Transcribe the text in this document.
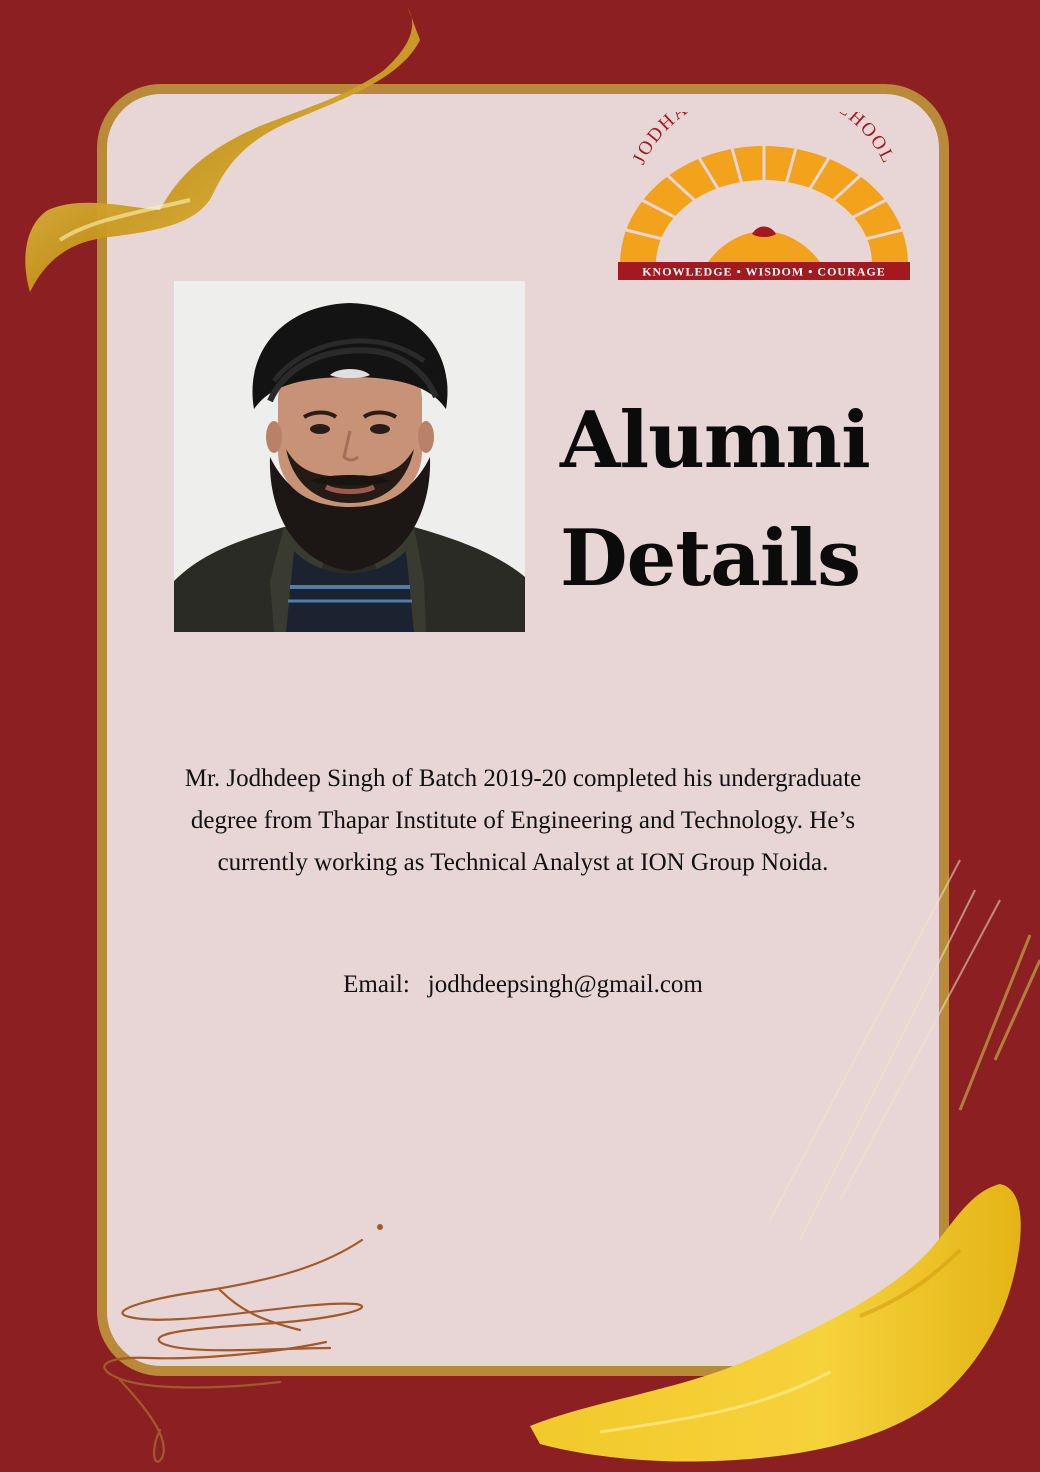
JODH HOOL
KNOWLEDGE • WISDOM • COURAGE
Alumni
Details

Mr. Jodhdeep Singh of Batch 2019-20 completed his undergraduate degree from Thapar Institute of Engineering and Technology. He’s currently working as Technical Analyst at ION Group Noida.

Email: jodhdeepsingh@gmail.com
